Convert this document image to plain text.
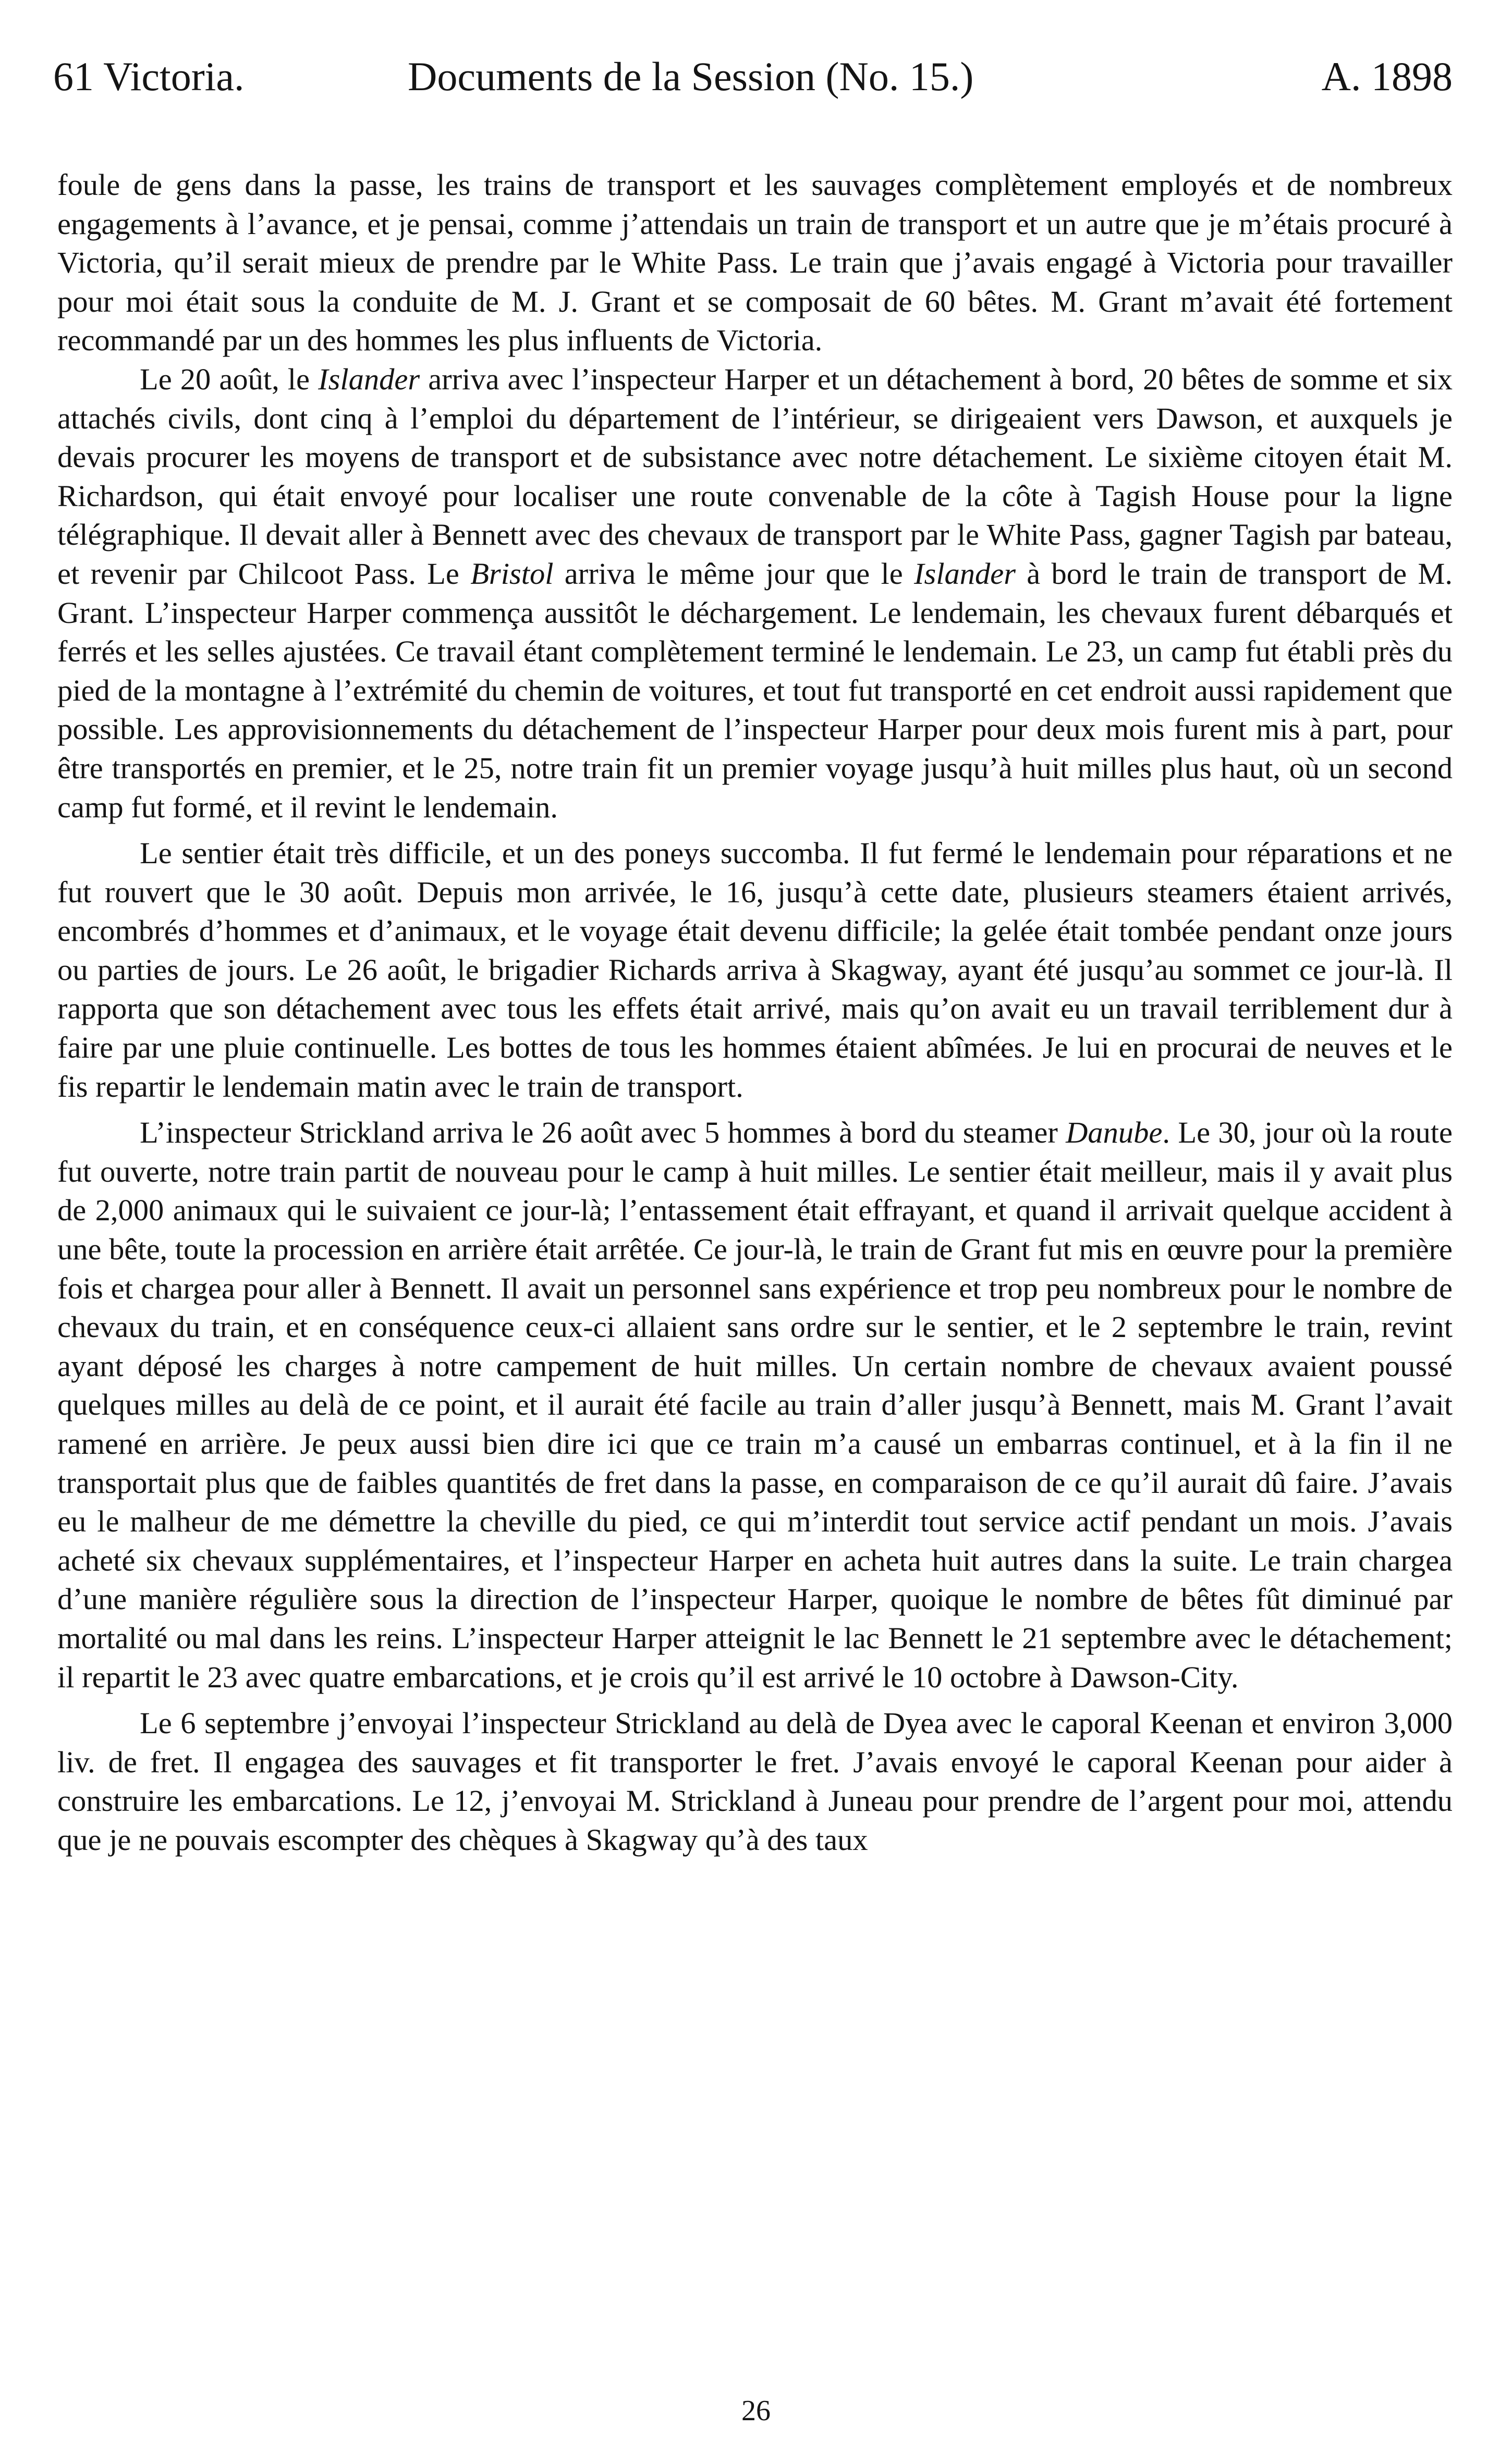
61 Victoria.	Documents de la Session (No. 15.)	A. 1898

foule de gens dans la passe, les trains de transport et les sauvages complètement employés et de nombreux engagements à l’avance, et je pensai, comme j’attendais un train de transport et un autre que je m’étais procuré à Victoria, qu’il serait mieux de prendre par le White Pass. Le train que j’avais engagé à Victoria pour travailler pour moi était sous la conduite de M. J. Grant et se composait de 60 bêtes. M. Grant m’avait été fortement recommandé par un des hommes les plus influents de Victoria.

Le 20 août, le Islander arriva avec l’inspecteur Harper et un détachement à bord, 20 bêtes de somme et six attachés civils, dont cinq à l’emploi du département de l’intérieur, se dirigeaient vers Dawson, et auxquels je devais procurer les moyens de transport et de subsistance avec notre détachement. Le sixième citoyen était M. Richardson, qui était envoyé pour localiser une route convenable de la côte à Tagish House pour la ligne télégraphique. Il devait aller à Bennett avec des chevaux de transport par le White Pass, gagner Tagish par bateau, et revenir par Chilcoot Pass. Le Bristol arriva le même jour que le Islander à bord le train de transport de M. Grant. L’inspecteur Harper commença aussitôt le déchargement. Le lendemain, les chevaux furent débarqués et ferrés et les selles ajustées. Ce travail étant complètement terminé le lendemain. Le 23, un camp fut établi près du pied de la montagne à l’extrémité du chemin de voitures, et tout fut transporté en cet endroit aussi rapidement que possible. Les approvisionnements du détachement de l’inspecteur Harper pour deux mois furent mis à part, pour être transportés en premier, et le 25, notre train fit un premier voyage jusqu’à huit milles plus haut, où un second camp fut formé, et il revint le lendemain.

Le sentier était très difficile, et un des poneys succomba. Il fut fermé le lendemain pour réparations et ne fut rouvert que le 30 août. Depuis mon arrivée, le 16, jusqu’à cette date, plusieurs steamers étaient arrivés, encombrés d’hommes et d’animaux, et le voyage était devenu difficile; la gelée était tombée pendant onze jours ou parties de jours. Le 26 août, le brigadier Richards arriva à Skagway, ayant été jusqu’au sommet ce jour-là. Il rapporta que son détachement avec tous les effets était arrivé, mais qu’on avait eu un travail terriblement dur à faire par une pluie continuelle. Les bottes de tous les hommes étaient abîmées. Je lui en procurai de neuves et le fis repartir le lendemain matin avec le train de transport.

L’inspecteur Strickland arriva le 26 août avec 5 hommes à bord du steamer Danube. Le 30, jour où la route fut ouverte, notre train partit de nouveau pour le camp à huit milles. Le sentier était meilleur, mais il y avait plus de 2,000 animaux qui le suivaient ce jour-là; l’entassement était effrayant, et quand il arrivait quelque accident à une bête, toute la procession en arrière était arrêtée. Ce jour-là, le train de Grant fut mis en œuvre pour la première fois et chargea pour aller à Bennett. Il avait un personnel sans expérience et trop peu nombreux pour le nombre de chevaux du train, et en conséquence ceux-ci allaient sans ordre sur le sentier, et le 2 septembre le train, revint ayant déposé les charges à notre campement de huit milles. Un certain nombre de chevaux avaient poussé quelques milles au delà de ce point, et il aurait été facile au train d’aller jusqu’à Bennett, mais M. Grant l’avait ramené en arrière. Je peux aussi bien dire ici que ce train m’a causé un embarras continuel, et à la fin il ne transportait plus que de faibles quantités de fret dans la passe, en comparaison de ce qu’il aurait dû faire. J’avais eu le malheur de me démettre la cheville du pied, ce qui m’interdit tout service actif pendant un mois. J’avais acheté six chevaux supplémentaires, et l’inspecteur Harper en acheta huit autres dans la suite. Le train chargea d’une manière régulière sous la direction de l’inspecteur Harper, quoique le nombre de bêtes fût diminué par mortalité ou mal dans les reins. L’inspecteur Harper atteignit le lac Bennett le 21 septembre avec le détachement; il repartit le 23 avec quatre embarcations, et je crois qu’il est arrivé le 10 octobre à Dawson-City.

Le 6 septembre j’envoyai l’inspecteur Strickland au delà de Dyea avec le caporal Keenan et environ 3,000 liv. de fret. Il engagea des sauvages et fit transporter le fret. J’avais envoyé le caporal Keenan pour aider à construire les embarcations. Le 12, j’envoyai M. Strickland à Juneau pour prendre de l’argent pour moi, attendu que je ne pouvais escompter des chèques à Skagway qu’à des taux

26
